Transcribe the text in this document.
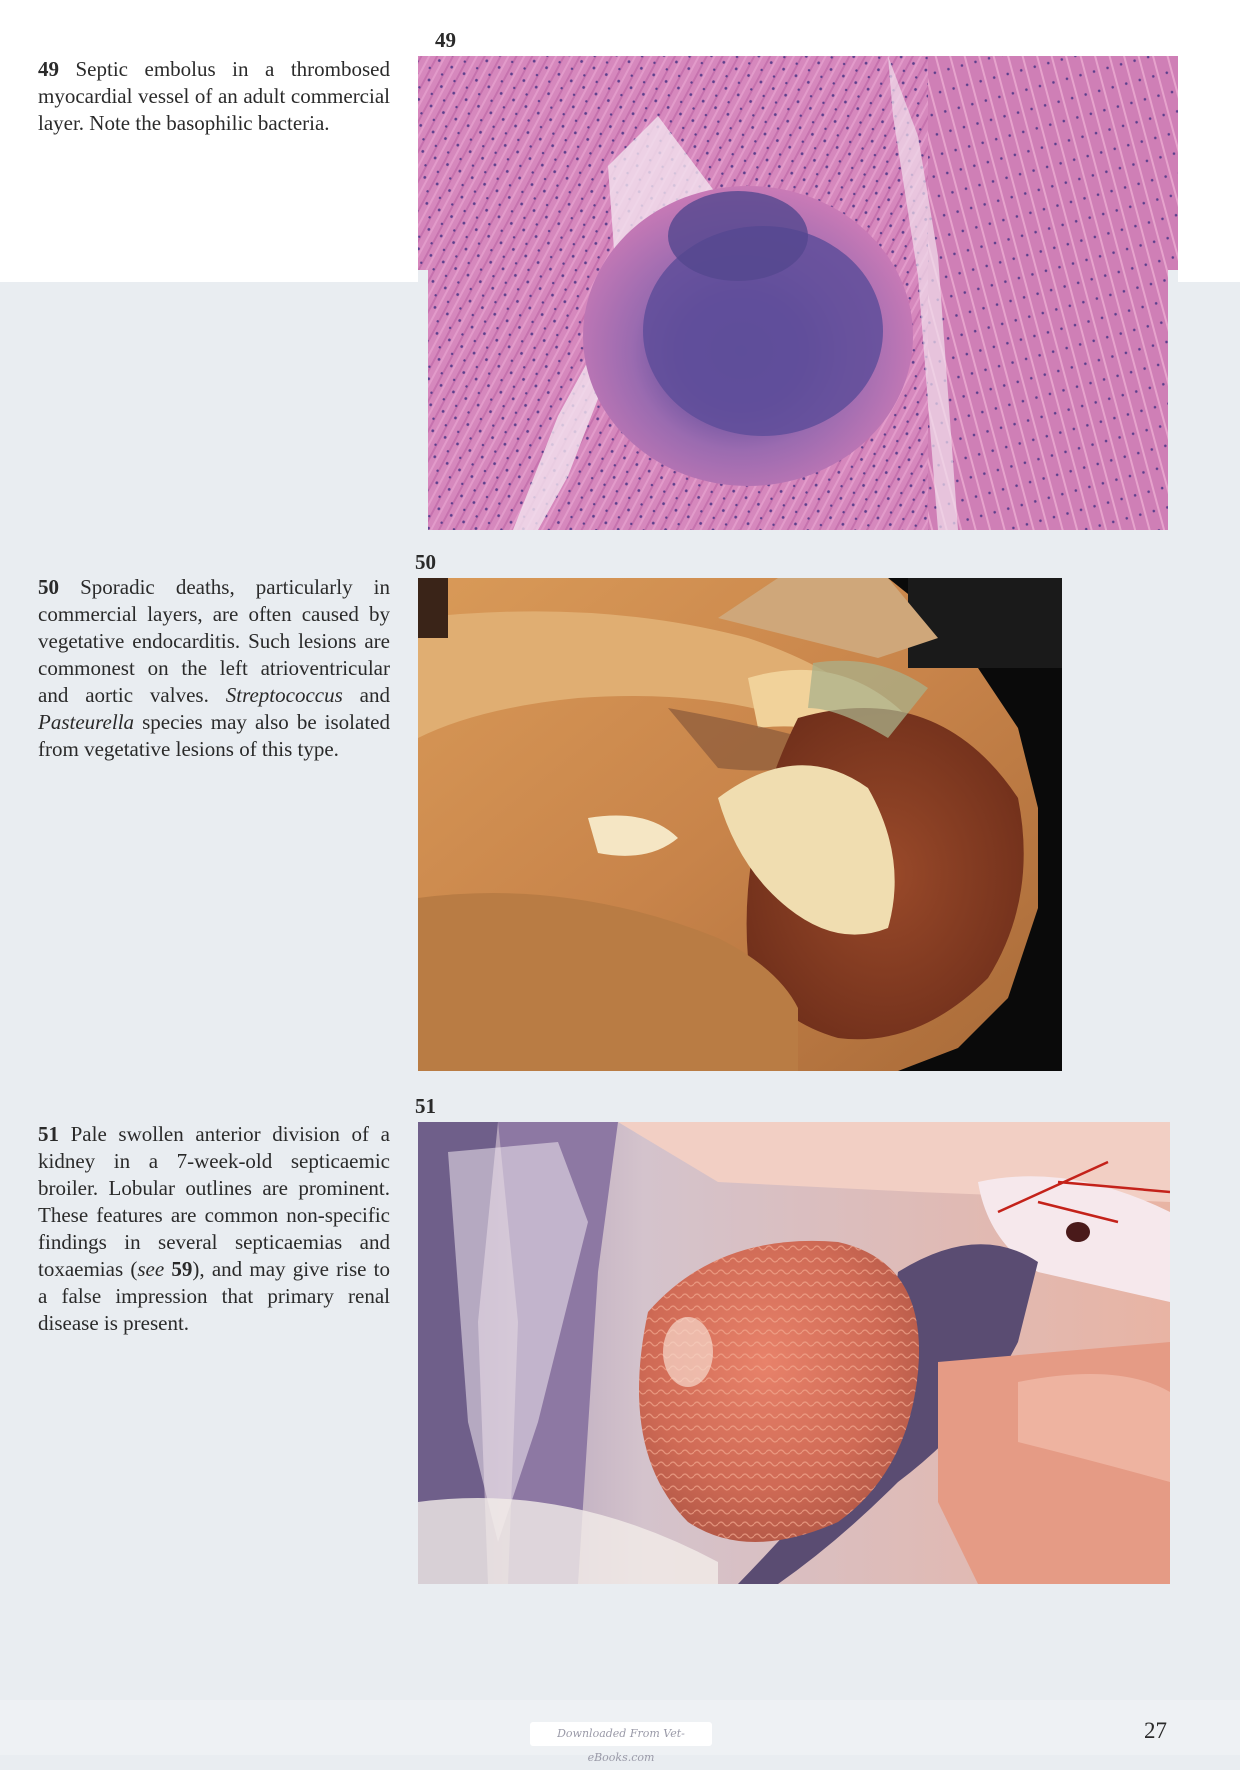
49

49 Septic embolus in a thrombosed myocardial vessel of an adult commercial layer. Note the basophilic bacteria.

50

50 Sporadic deaths, particularly in commercial layers, are often caused by vegetative endocarditis. Such lesions are commonest on the left atrioventricular and aortic valves. Streptococcus and Pasteurella species may also be isolated from vegetative lesions of this type.

51

51 Pale swollen anterior division of a kidney in a 7-week-old septicaemic broiler. Lobular outlines are prominent. These features are common non-specific findings in several septicaemias and toxaemias (see 59), and may give rise to a false impression that primary renal disease is present.

27
Downloaded From Vet-eBooks.com
